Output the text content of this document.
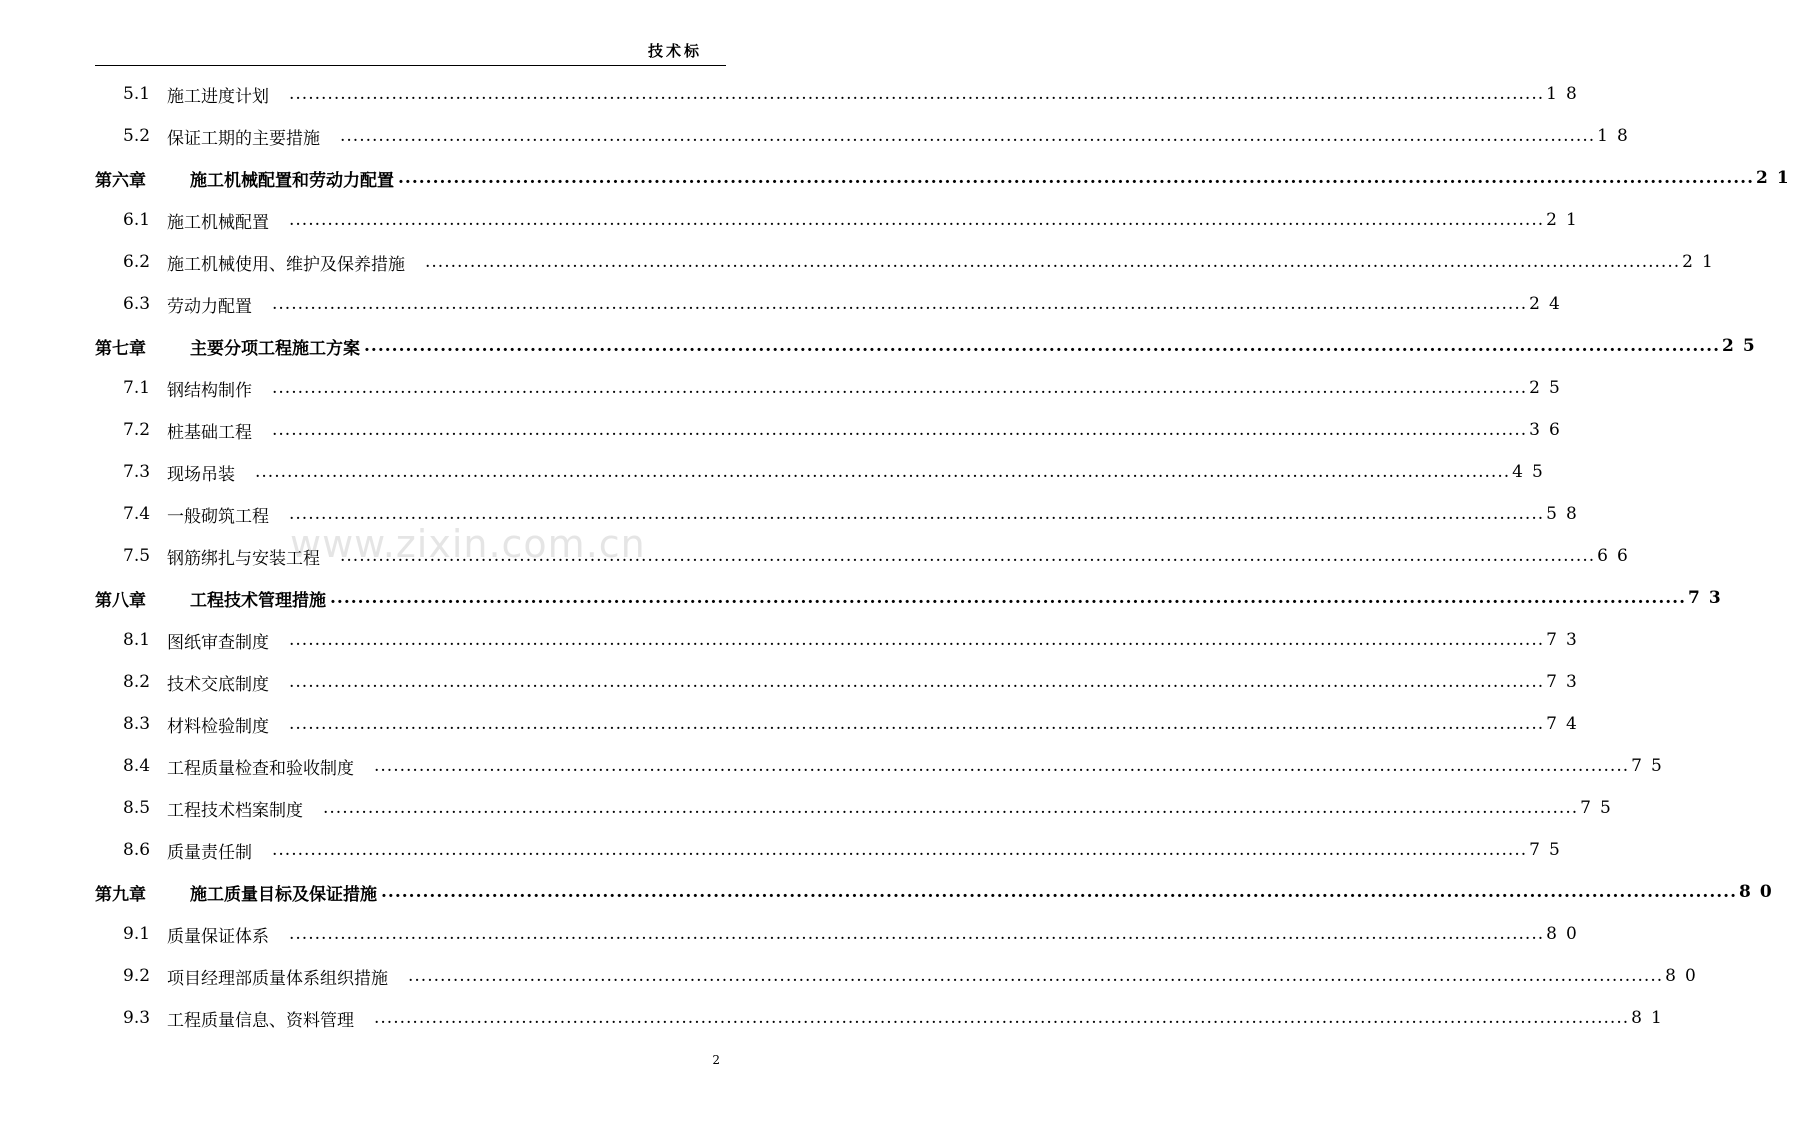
技术标
5.1 施工进度计划 .....	18
5.2 保证工期的主要措施 .....	18
第六章	施工机械配置和劳动力配置 .....	21
6.1 施工机械配置 .....	21
6.2 施工机械使用、维护及保养措施 .....	21
6.3 劳动力配置 .....	24
第七章	主要分项工程施工方案 .....	25
7.1 钢结构制作 .....	25
7.2 桩基础工程 .....	36
7.3 现场吊装 .....	45
7.4 一般砌筑工程 .....	58
7.5 钢筋绑扎与安装工程 .....	66
第八章	工程技术管理措施 .....	73
8.1 图纸审查制度 .....	73
8.2 技术交底制度 .....	73
8.3 材料检验制度 .....	74
8.4 工程质量检查和验收制度 .....	75
8.5 工程技术档案制度 .....	75
8.6 质量责任制 .....	75
第九章	施工质量目标及保证措施 .....	80
9.1 质量保证体系 .....	80
9.2 项目经理部质量体系组织措施 .....	80
9.3 工程质量信息、资料管理 .....	81
www.zixin.com.cn
2
